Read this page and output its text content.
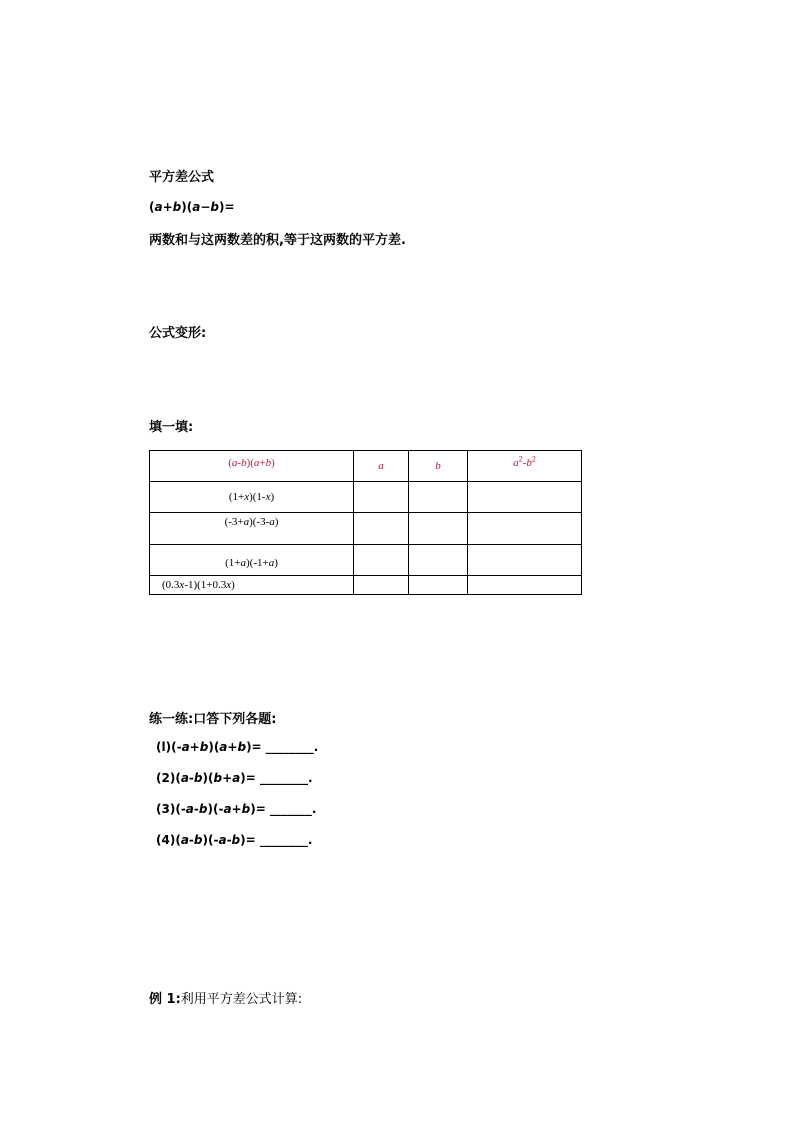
平方差公式
(a+b)(a−b)=
两数和与这两数差的积,等于这两数的平方差.
公式变形:
填一填:
(a-b)(a+b)	a	b	$a^2-b^2$
(1+x)(1-x)			
(-3+a)(-3-a)			
(1+a)(-1+a)			
(0.3x-1)(1+0.3x)			
练一练:口答下列各题:
(l)(-a+b)(a+b)= ________.
(2)(a-b)(b+a)= ________.
(3)(-a-b)(-a+b)= _______.
(4)(a-b)(-a-b)= ________.
例 1:利用平方差公式计算:
